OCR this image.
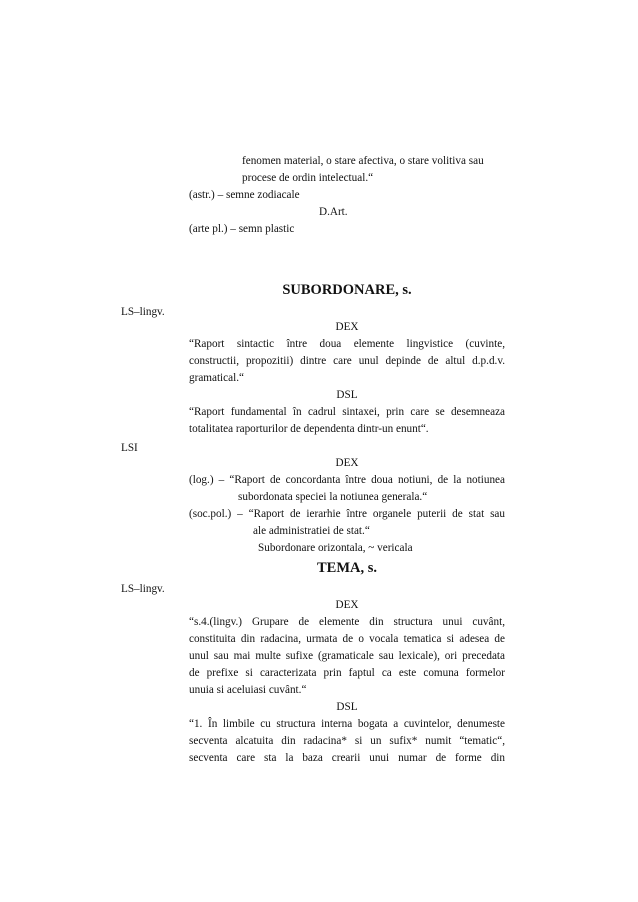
fenomen material, o stare afectiva, o stare volitiva sau
procese de ordin intelectual.“
(astr.) – semne zodiacale
D.Art.
(arte pl.) – semn plastic
SUBORDONARE, s.
LS–lingv.
DEX
“Raport sintactic între doua elemente lingvistice (cuvinte,
constructii, propozitii) dintre care unul depinde de altul d.p.d.v.
gramatical.“
DSL
“Raport fundamental în cadrul sintaxei, prin care se desemneaza
totalitatea raporturilor de dependenta dintr-un enunt“.
LSI
DEX
(log.) – “Raport de concordanta între doua notiuni, de la notiunea
subordonata speciei la notiunea generala.“
(soc.pol.) – “Raport de ierarhie între organele puterii de stat sau
ale administratiei de stat.“
Subordonare orizontala, ~ vericala
TEMA, s.
LS–lingv.
DEX
“s.4.(lingv.) Grupare de elemente din structura unui cuvânt,
constituita din radacina, urmata de o vocala tematica si adesea de
unul sau mai multe sufixe (gramaticale sau lexicale), ori precedata
de prefixe si caracterizata prin faptul ca este comuna formelor
unuia si aceluiasi cuvânt.“
DSL
“1. În limbile cu structura interna bogata a cuvintelor, denumeste
secventa alcatuita din radacina* si un sufix* numit “tematic“,
secventa care sta la baza crearii unui numar de forme din
